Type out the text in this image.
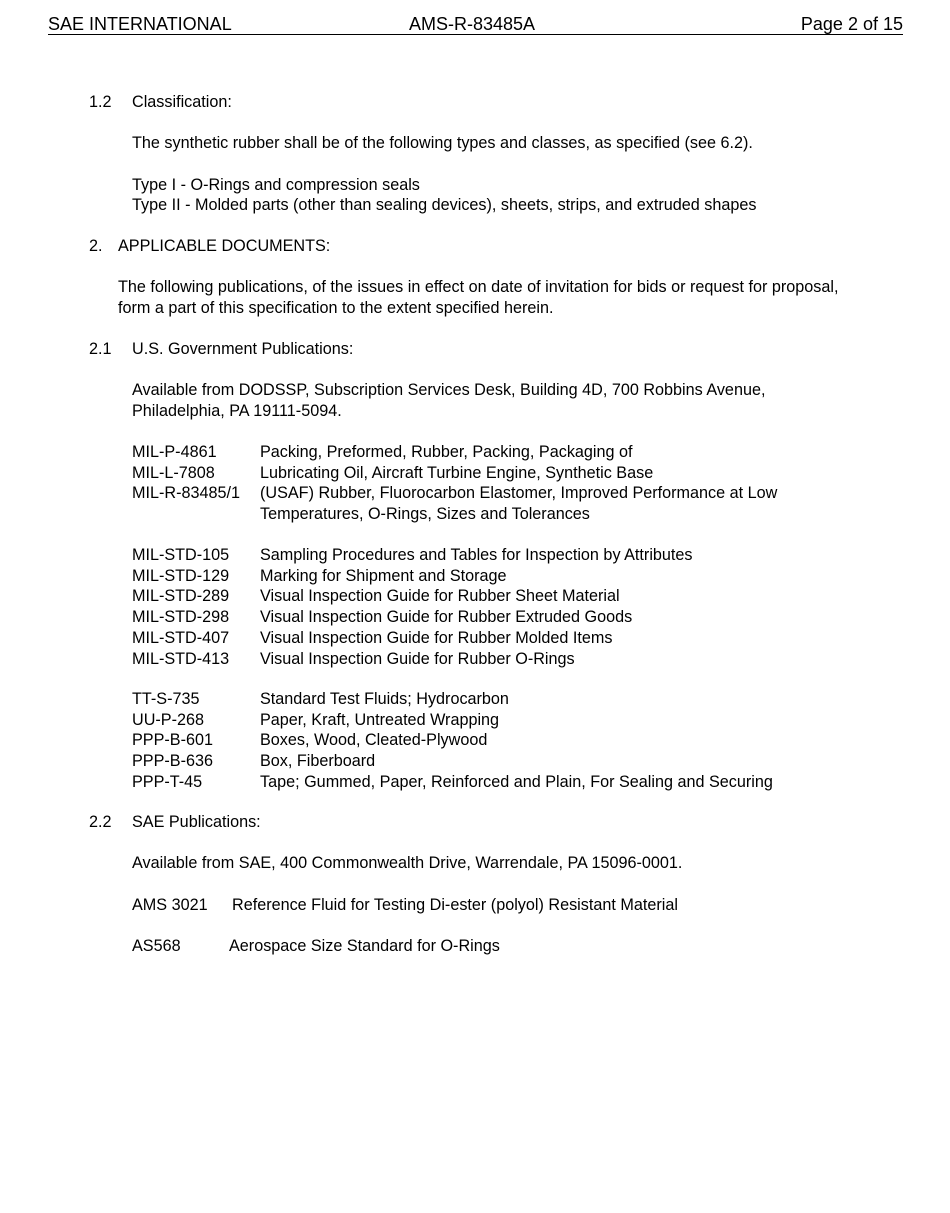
SAE INTERNATIONAL	AMS-R-83485A	Page 2 of 15
1.2 Classification:
The synthetic rubber shall be of the following types and classes, as specified (see 6.2).
Type I - O-Rings and compression seals
Type II - Molded parts (other than sealing devices), sheets, strips, and extruded shapes
2. APPLICABLE DOCUMENTS:
The following publications, of the issues in effect on date of invitation for bids or request for proposal,
form a part of this specification to the extent specified herein.
2.1 U.S. Government Publications:
Available from DODSSP, Subscription Services Desk, Building 4D, 700 Robbins Avenue,
Philadelphia, PA 19111-5094.
MIL-P-4861	Packing, Preformed, Rubber, Packing, Packaging of
MIL-L-7808	Lubricating Oil, Aircraft Turbine Engine, Synthetic Base
MIL-R-83485/1 (USAF) Rubber, Fluorocarbon Elastomer, Improved Performance at Low
Temperatures, O-Rings, Sizes and Tolerances
MIL-STD-105 Sampling Procedures and Tables for Inspection by Attributes
MIL-STD-129 Marking for Shipment and Storage
MIL-STD-289 Visual Inspection Guide for Rubber Sheet Material
MIL-STD-298 Visual Inspection Guide for Rubber Extruded Goods
MIL-STD-407 Visual Inspection Guide for Rubber Molded Items
MIL-STD-413 Visual Inspection Guide for Rubber O-Rings
TT-S-735	Standard Test Fluids; Hydrocarbon
UU-P-268	Paper, Kraft, Untreated Wrapping
PPP-B-601	Boxes, Wood, Cleated-Plywood
PPP-B-636	Box, Fiberboard
PPP-T-45	Tape; Gummed, Paper, Reinforced and Plain, For Sealing and Securing
2.2 SAE Publications:
Available from SAE, 400 Commonwealth Drive, Warrendale, PA 15096-0001.
AMS 3021 Reference Fluid for Testing Di-ester (polyol) Resistant Material
AS568	Aerospace Size Standard for O-Rings
